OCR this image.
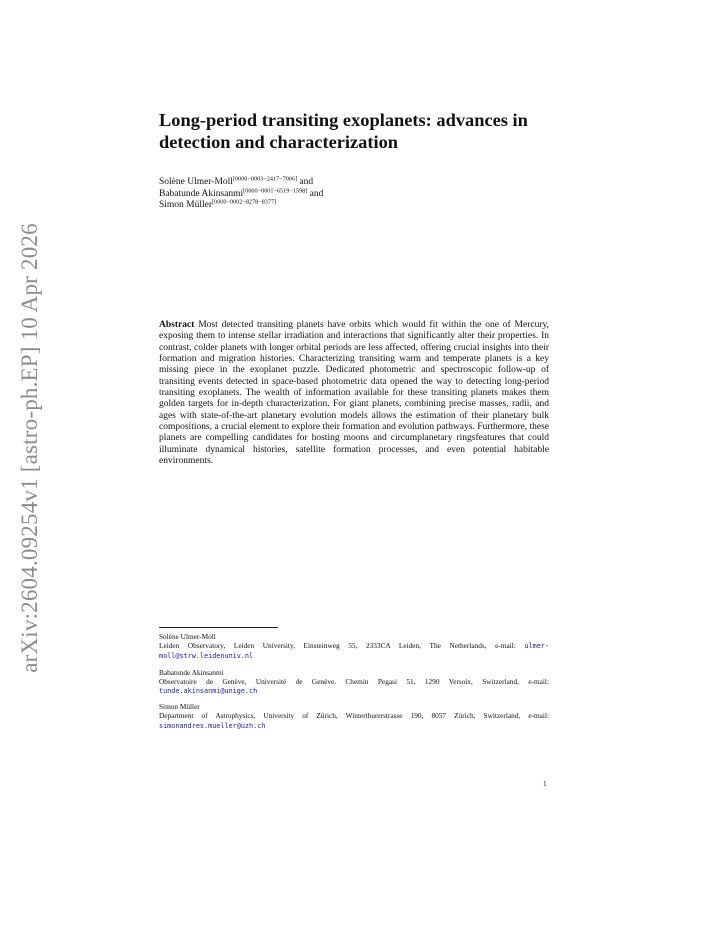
arXiv:2604.09254v1 [astro-ph.EP] 10 Apr 2026
Long-period transiting exoplanets: advances in detection and characterization
Solène Ulmer-Moll[0000−0003−2417−7006] and
Babatunde Akinsanmi[0000−0001−6519−1598] and
Simon Müller[0000−0002−8278−8377]

Abstract Most detected transiting planets have orbits which would fit within the one of Mercury, exposing them to intense stellar irradiation and interactions that significantly alter their properties. In contrast, colder planets with longer orbital periods are less affected, offering crucial insights into their formation and migration histories. Characterizing transiting warm and temperate planets is a key missing piece in the exoplanet puzzle. Dedicated photometric and spectroscopic follow-up of transiting events detected in space-based photometric data opened the way to detecting long-period transiting exoplanets. The wealth of information available for these transiting planets makes them golden targets for in-depth characterization. For giant planets, combining precise masses, radii, and ages with state-of-the-art planetary evolution models allows the estimation of their planetary bulk compositions, a crucial element to explore their formation and evolution pathways. Furthermore, these planets are compelling candidates for hosting moons and circumplanetary ringsfeatures that could illuminate dynamical histories, satellite formation processes, and even potential habitable environments.

Solène Ulmer-Moll
Leiden Observatory, Leiden University, Einsteinweg 55, 2333CA Leiden, The Netherlands, e-mail: ulmer-moll@strw.leidenuniv.nl
Babatunde Akinsanmi
Observatoire de Genève, Université de Genève. Chemin Pegasi 51, 1290 Versoix, Switzerland, e-mail: tunde.akinsanmi@unige.ch
Simon Müller
Department of Astrophysics, University of Zürich, Winterthurerstrasse 190, 8057 Zürich, Switzerland, e-mail: simonandres.mueller@uzh.ch
1
